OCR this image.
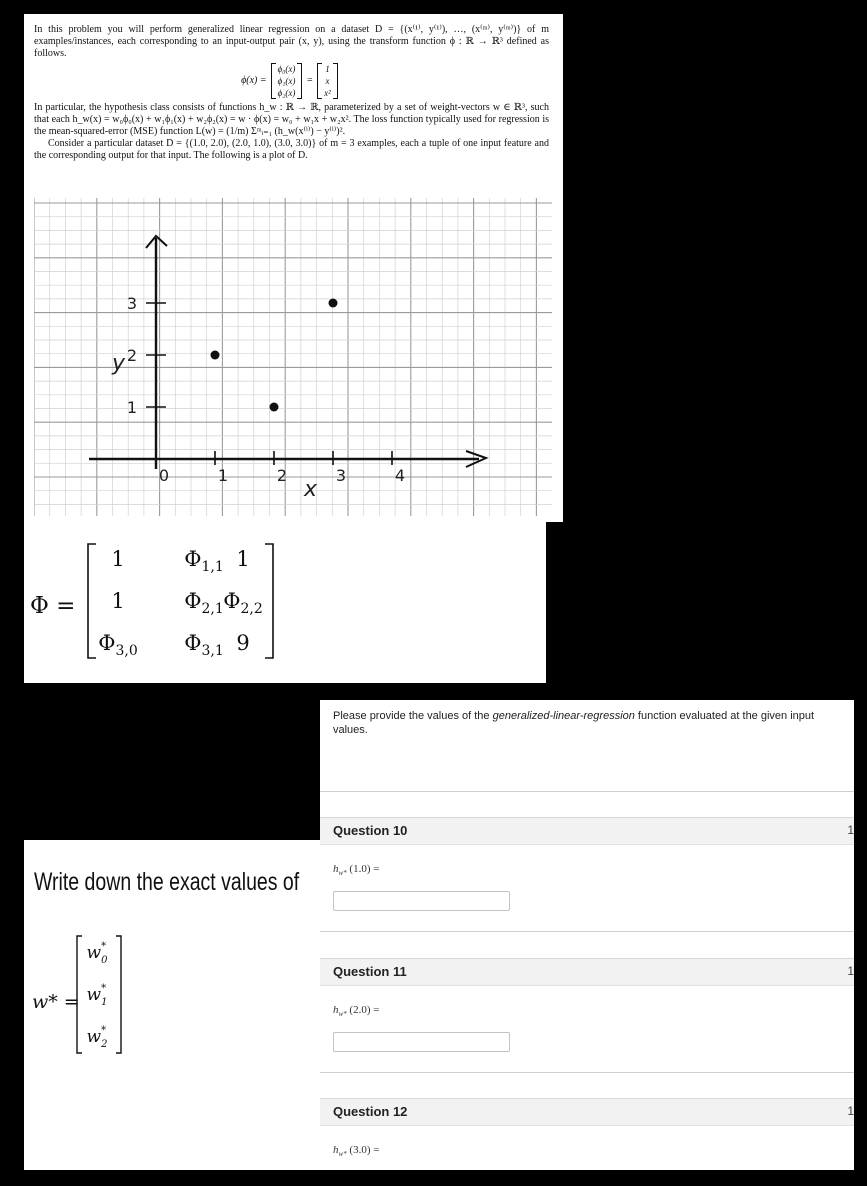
In this problem you will perform generalized linear regression on a dataset D = {(x⁽¹⁾, y⁽¹⁾), …, (x⁽ᵐ⁾, y⁽ᵐ⁾)} of m examples/instances, each corresponding to an input-output pair (x, y), using the transform function ϕ : ℝ → ℝ³ defined as follows.

ϕ(x) =
ϕ₀(x)
ϕ₁(x)
ϕ₂(x)
=
1
x
x²

In particular, the hypothesis class consists of functions h_w : ℝ → ℝ, parameterized by a set of weight-vectors w ∈ ℝ³, such that each h_w(x) = w₀ϕ₀(x) + w₁ϕ₁(x) + w₂ϕ₂(x) = w · ϕ(x) = w₀ + w₁x + w₂x². The loss function typically used for regression is the mean-squared-error (MSE) function L(w) = (1/m) Σᵐᵢ₌₁ (h_w(x⁽ⁱ⁾) − y⁽ⁱ⁾)².

Consider a particular dataset D = {(1.0, 2.0), (2.0, 1.0), (3.0, 3.0)} of m = 3 examples, each a tuple of one input feature and the corresponding output for that input. The following is a plot of D.

0	1	2	3	4
1
2
3
x
y
Φ =
1	$\Phi_{1,1}$ 1
1	$\Phi_{2,1}$ $\Phi_{2,2}$
$\Phi_{3,0}$ $\Phi_{3,1}$ 9
Write down the exact values of
w* =
w* 0
w* 1
w* 2
Please provide the values of the generalized-linear-regression function evaluated at the given input values.
Question 10	1
$h_{w*}$ (1.0) =
Question 11	1
$h_{w*}$ (2.0) =
Question 12	1
$h_{w*}$ (3.0) =
